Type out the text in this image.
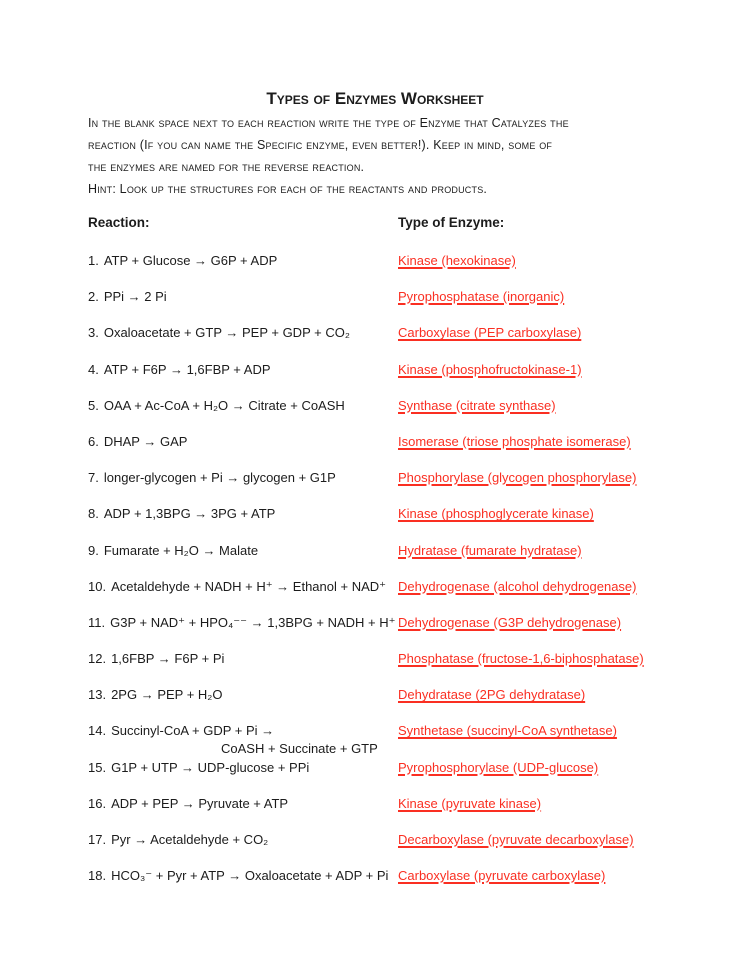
Types of Enzymes Worksheet
In the blank space next to each reaction write the type of Enzyme that Catalyzes the
reaction (If you can name the Specific enzyme, even better!). Keep in mind, some of
the enzymes are named for the reverse reaction.
Hint: Look up the structures for each of the reactants and products.
Reaction:	Type of Enzyme:
1. ATP + Glucose → G6P + ADP	Kinase (hexokinase)
2. PPi → 2 Pi	Pyrophosphatase (inorganic)
3. Oxaloacetate + GTP → PEP + GDP + CO₂	Carboxylase (PEP carboxylase)
4. ATP + F6P → 1,6FBP + ADP	Kinase (phosphofructokinase-1)
5. OAA + Ac-CoA + H₂O → Citrate + CoASH	Synthase (citrate synthase)
6. DHAP → GAP	Isomerase (triose phosphate isomerase)
7. longer-glycogen + Pi → glycogen + G1P	Phosphorylase (glycogen phosphorylase)
8. ADP + 1,3BPG → 3PG + ATP	Kinase (phosphoglycerate kinase)
9. Fumarate + H₂O → Malate	Hydratase (fumarate hydratase)
10. Acetaldehyde + NADH + H⁺ → Ethanol + NAD⁺ Dehydrogenase (alcohol dehydrogenase)
11. G3P + NAD⁺ + HPO₄⁻⁻ → 1,3BPG + NADH + H⁺ Dehydrogenase (G3P dehydrogenase)
12. 1,6FBP → F6P + Pi	Phosphatase (fructose-1,6-biphosphatase)
13. 2PG → PEP + H₂O	Dehydratase (2PG dehydratase)
14. Succinyl-CoA + GDP + Pi →
CoASH + Succinate + GTP
Synthetase (succinyl-CoA synthetase)
15. G1P + UTP → UDP-glucose + PPi	Pyrophosphorylase (UDP-glucose)
16. ADP + PEP → Pyruvate + ATP	Kinase (pyruvate kinase)
17. Pyr → Acetaldehyde + CO₂	Decarboxylase (pyruvate decarboxylase)
18. HCO₃⁻ + Pyr + ATP → Oxaloacetate + ADP + Pi Carboxylase (pyruvate carboxylase)
